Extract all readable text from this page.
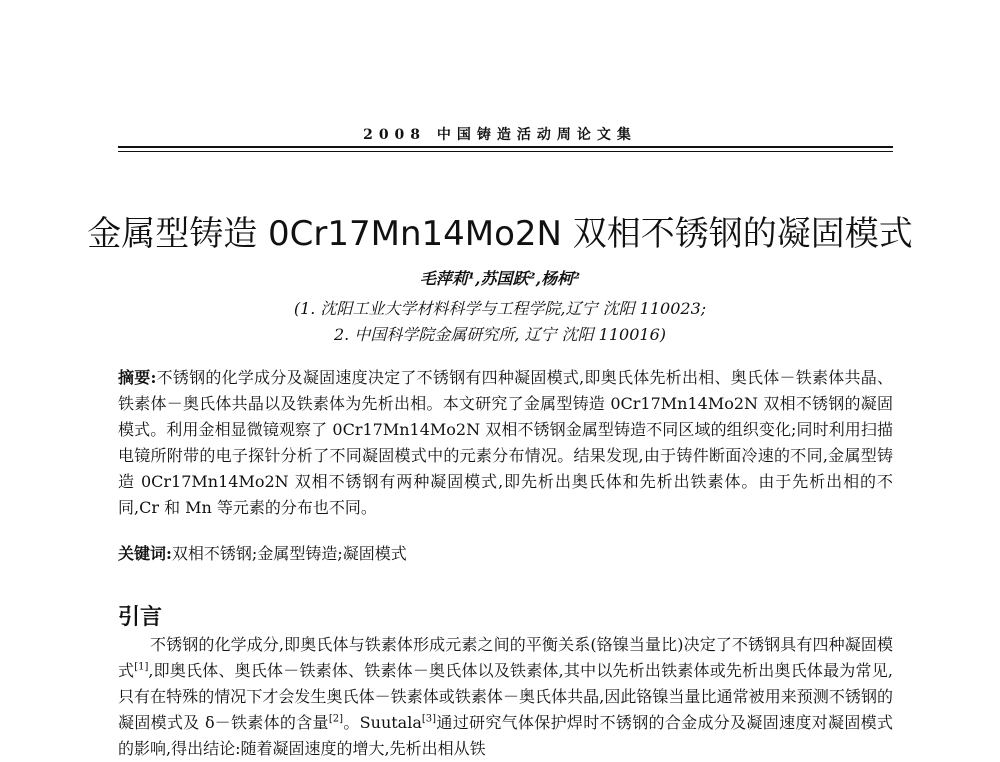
2008 中国铸造活动周论文集
金属型铸造 0Cr17Mn14Mo2N 双相不锈钢的凝固模式
毛萍莉¹,苏国跃²,杨柯²
(1. 沈阳工业大学材料科学与工程学院,辽宁 沈阳 110023;
2. 中国科学院金属研究所, 辽宁 沈阳 110016)
摘要:不锈钢的化学成分及凝固速度决定了不锈钢有四种凝固模式,即奥氏体先析出相、奥氏体－铁素体共晶、铁素体－奥氏体共晶以及铁素体为先析出相。本文研究了金属型铸造 0Cr17Mn14Mo2N 双相不锈钢的凝固模式。利用金相显微镜观察了 0Cr17Mn14Mo2N 双相不锈钢金属型铸造不同区域的组织变化;同时利用扫描电镜所附带的电子探针分析了不同凝固模式中的元素分布情况。结果发现,由于铸件断面冷速的不同,金属型铸造 0Cr17Mn14Mo2N 双相不锈钢有两种凝固模式,即先析出奥氏体和先析出铁素体。由于先析出相的不同,Cr 和 Mn 等元素的分布也不同。
关键词:双相不锈钢;金属型铸造;凝固模式
引言
不锈钢的化学成分,即奥氏体与铁素体形成元素之间的平衡关系(铬镍当量比)决定了不锈钢具有四种凝固模式[1],即奥氏体、奥氏体－铁素体、铁素体－奥氏体以及铁素体,其中以先析出铁素体或先析出奥氏体最为常见,只有在特殊的情况下才会发生奥氏体－铁素体或铁素体－奥氏体共晶,因此铬镍当量比通常被用来预测不锈钢的凝固模式及 δ－铁素体的含量[2]。Suutala[3]通过研究气体保护焊时不锈钢的合金成分及凝固速度对凝固模式的影响,得出结论:随着凝固速度的增大,先析出相从铁
